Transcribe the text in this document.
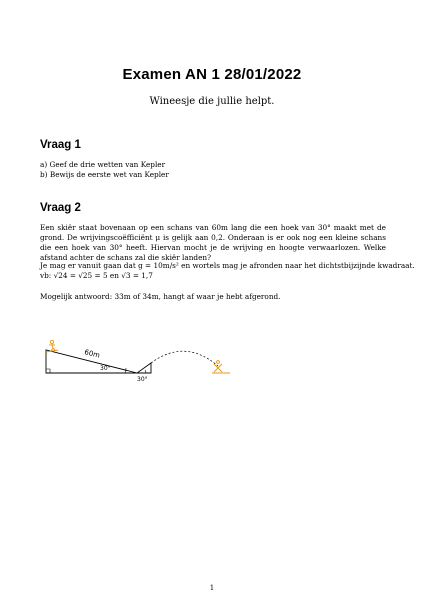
Examen AN 1 28/01/2022
Wineesje die jullie helpt.
Vraag 1
a) Geef de drie wetten van Kepler
b) Bewijs de eerste wet van Kepler
Vraag 2
Een skiër staat bovenaan op een schans van 60m lang die een hoek van 30° maakt met de grond. De wrijvingscoëfficiënt μ is gelijk aan 0,2. Onderaan is er ook nog een kleine schans die een hoek van 30° heeft. Hiervan mocht je de wrijving en hoogte verwaarlozen. Welke afstand achter de schans zal die skiër landen?
Je mag er vanuit gaan dat g = 10m/s² en wortels mag je afronden naar het dichtstbijzijnde kwadraat.
vb: √24 = √25 = 5 en √3 = 1,7
Mogelijk antwoord: 33m of 34m, hangt af waar je hebt afgerond.
60m
30°
30°
1
